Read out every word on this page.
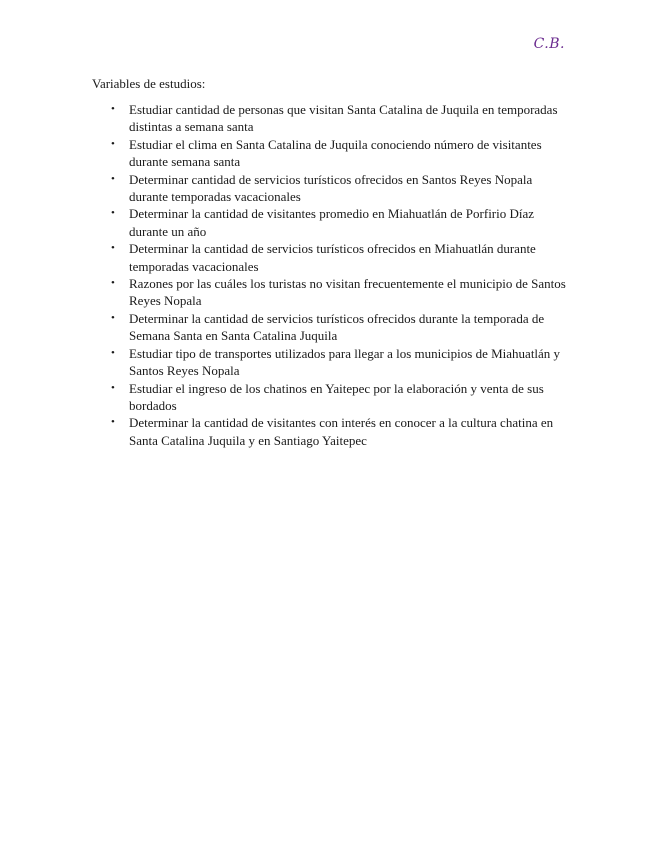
C.B.
Variables de estudios:
• Estudiar cantidad de personas que visitan Santa Catalina de Juquila en temporadas distintas a semana santa
• Estudiar el clima en Santa Catalina de Juquila conociendo número de visitantes durante semana santa
• Determinar cantidad de servicios turísticos ofrecidos en Santos Reyes Nopala durante temporadas vacacionales
• Determinar la cantidad de visitantes promedio en Miahuatlán de Porfirio Díaz durante un año
• Determinar la cantidad de servicios turísticos ofrecidos en Miahuatlán durante temporadas vacacionales
• Razones por las cuáles los turistas no visitan frecuentemente el municipio de Santos Reyes Nopala
• Determinar la cantidad de servicios turísticos ofrecidos durante la temporada de Semana Santa en Santa Catalina Juquila
• Estudiar tipo de transportes utilizados para llegar a los municipios de Miahuatlán y Santos Reyes Nopala
• Estudiar el ingreso de los chatinos en Yaitepec por la elaboración y venta de sus bordados
• Determinar la cantidad de visitantes con interés en conocer a la cultura chatina en Santa Catalina Juquila y en Santiago Yaitepec
